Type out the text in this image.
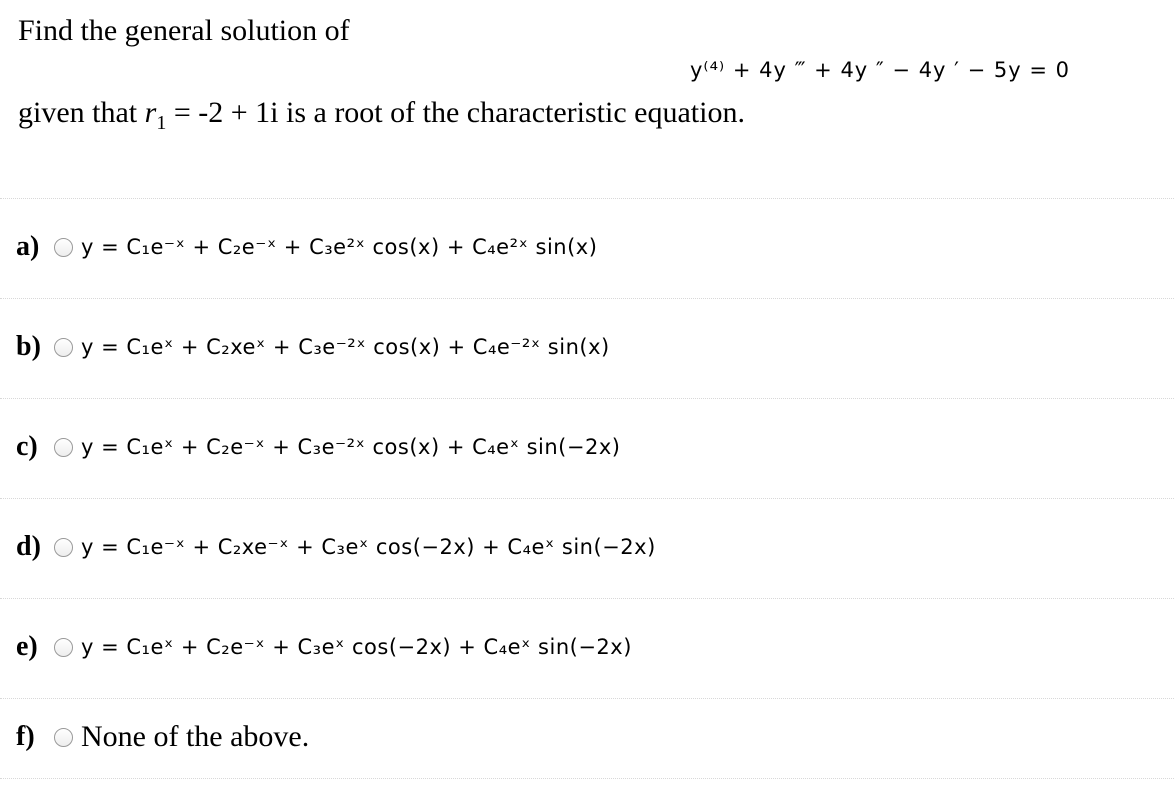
Find the general solution of
y⁽⁴⁾ + 4y ‴ + 4y ″ − 4y ′ − 5y = 0
given that $r_1 = -2 + 1i$ is a root of the characteristic equation.
a)	y = C₁e⁻ˣ + C₂e⁻ˣ + C₃e²ˣ cos(x) + C₄e²ˣ sin(x)
b)	y = C₁eˣ + C₂xeˣ + C₃e⁻²ˣ cos(x) + C₄e⁻²ˣ sin(x)
c)	y = C₁eˣ + C₂e⁻ˣ + C₃e⁻²ˣ cos(x) + C₄eˣ sin(−2x)
d)	y = C₁e⁻ˣ + C₂xe⁻ˣ + C₃eˣ cos(−2x) + C₄eˣ sin(−2x)
e)	y = C₁eˣ + C₂e⁻ˣ + C₃eˣ cos(−2x) + C₄eˣ sin(−2x)
f)	None of the above.
